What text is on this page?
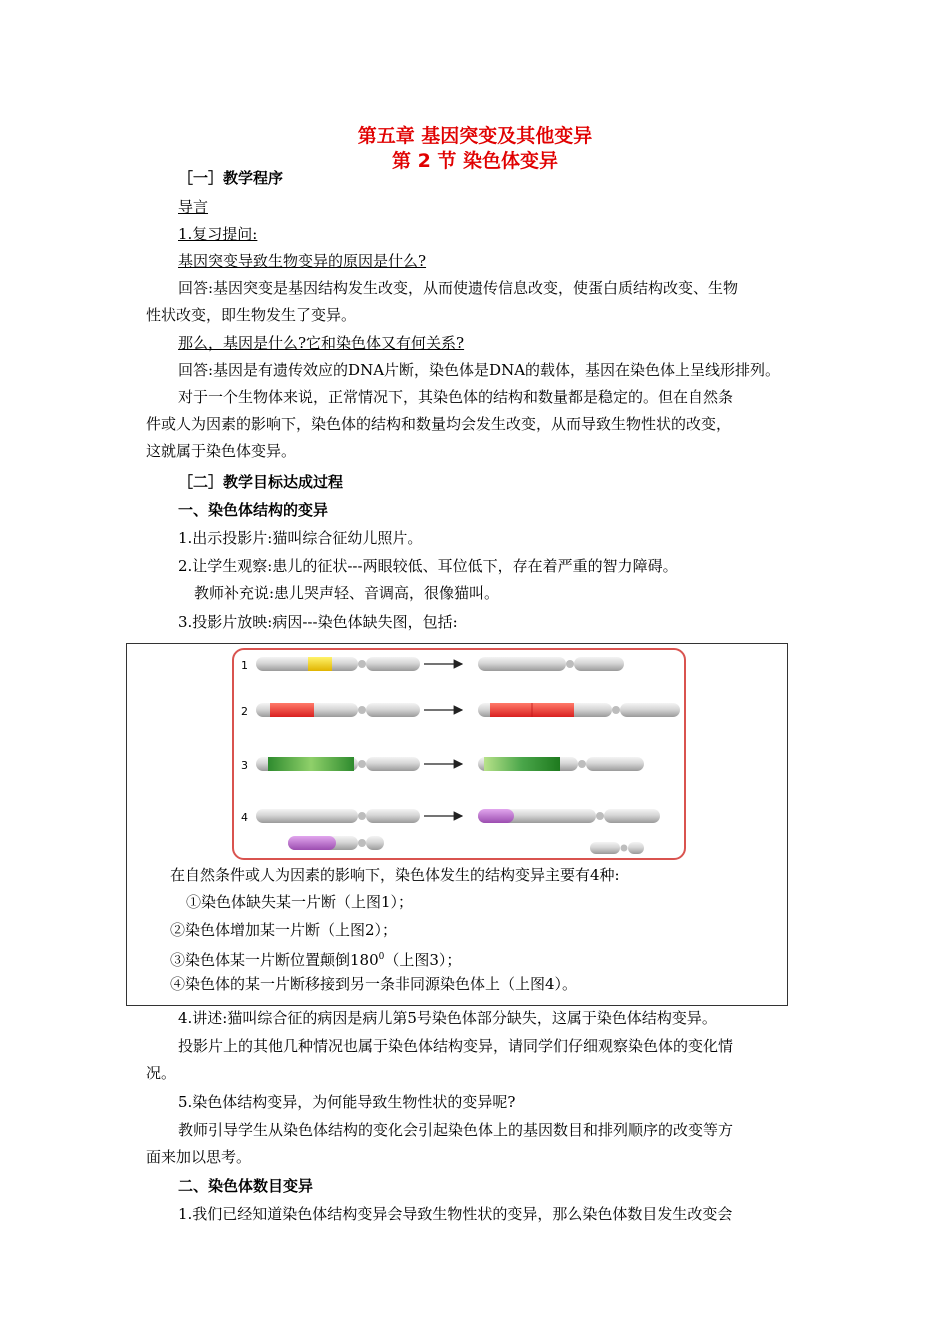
第五章 基因突变及其他变异
第 2 节 染色体变异
［一］教学程序
导言
1.复习提问:
基因突变导致生物变异的原因是什么?
回答:基因突变是基因结构发生改变，从而使遗传信息改变，使蛋白质结构改变、生物
性状改变，即生物发生了变异。
那么，基因是什么?它和染色体又有何关系?
回答:基因是有遗传效应的DNA片断，染色体是DNA的载体，基因在染色体上呈线形排列。
对于一个生物体来说，正常情况下，其染色体的结构和数量都是稳定的。但在自然条
件或人为因素的影响下，染色体的结构和数量均会发生改变，从而导致生物性状的改变，
这就属于染色体变异。
［二］教学目标达成过程
一、染色体结构的变异
1.出示投影片:猫叫综合征幼儿照片。
2.让学生观察:患儿的征状---两眼较低、耳位低下，存在着严重的智力障碍。
教师补充说:患儿哭声轻、音调高，很像猫叫。
3.投影片放映:病因---染色体缺失图，包括:
1
2
3
4
在自然条件或人为因素的影响下，染色体发生的结构变异主要有4种:
①染色体缺失某一片断（上图1）；
②染色体增加某一片断（上图2）；
③染色体某一片断位置颠倒$180^0$（上图3）；
④染色体的某一片断移接到另一条非同源染色体上（上图4）。
4.讲述:猫叫综合征的病因是病儿第5号染色体部分缺失，这属于染色体结构变异。
投影片上的其他几种情况也属于染色体结构变异，请同学们仔细观察染色体的变化情
况。
5.染色体结构变异，为何能导致生物性状的变异呢?
教师引导学生从染色体结构的变化会引起染色体上的基因数目和排列顺序的改变等方
面来加以思考。
二、染色体数目变异
1.我们已经知道染色体结构变异会导致生物性状的变异，那么染色体数目发生改变会
